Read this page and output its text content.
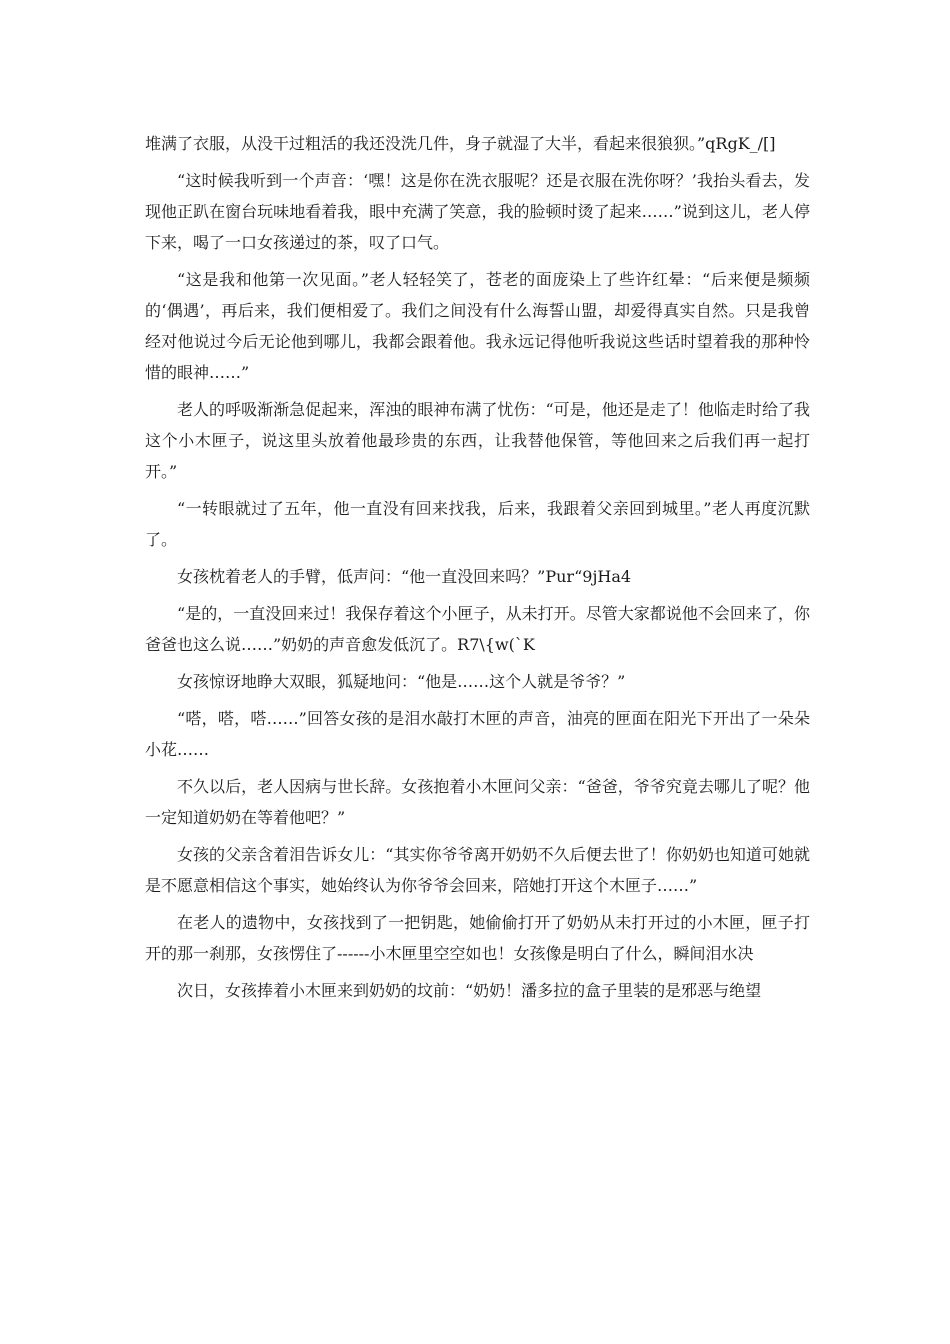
堆满了衣服，从没干过粗活的我还没洗几件，身子就湿了大半，看起来很狼狈。”qRgK_/[]

“这时候我听到一个声音：‘嘿！这是你在洗衣服呢？还是衣服在洗你呀？’我抬头看去，发现他正趴在窗台玩味地看着我，眼中充满了笑意，我的脸顿时烫了起来……”说到这儿，老人停下来，喝了一口女孩递过的茶，叹了口气。

“这是我和他第一次见面。”老人轻轻笑了，苍老的面庞染上了些许红晕：“后来便是频频的‘偶遇’，再后来，我们便相爱了。我们之间没有什么海誓山盟，却爱得真实自然。只是我曾经对他说过今后无论他到哪儿，我都会跟着他。我永远记得他听我说这些话时望着我的那种怜惜的眼神……”

老人的呼吸渐渐急促起来，浑浊的眼神布满了忧伤：“可是，他还是走了！他临走时给了我这个小木匣子，说这里头放着他最珍贵的东西，让我替他保管，等他回来之后我们再一起打开。”

“一转眼就过了五年，他一直没有回来找我，后来，我跟着父亲回到城里。”老人再度沉默了。

女孩枕着老人的手臂，低声问：“他一直没回来吗？”Pur“9jHa4

“是的，一直没回来过！我保存着这个小匣子，从未打开。尽管大家都说他不会回来了，你爸爸也这么说……”奶奶的声音愈发低沉了。R7\{w(`K

女孩惊讶地睁大双眼，狐疑地问：“他是……这个人就是爷爷？”

“嗒，嗒，嗒……”回答女孩的是泪水敲打木匣的声音，油亮的匣面在阳光下开出了一朵朵小花……

不久以后，老人因病与世长辞。女孩抱着小木匣问父亲：“爸爸，爷爷究竟去哪儿了呢？他一定知道奶奶在等着他吧？”

女孩的父亲含着泪告诉女儿：“其实你爷爷离开奶奶不久后便去世了！你奶奶也知道可她就是不愿意相信这个事实，她始终认为你爷爷会回来，陪她打开这个木匣子……”

在老人的遗物中，女孩找到了一把钥匙，她偷偷打开了奶奶从未打开过的小木匣，匣子打开的那一刹那，女孩愣住了------小木匣里空空如也！女孩像是明白了什么，瞬间泪水决

次日，女孩捧着小木匣来到奶奶的坟前：“奶奶！潘多拉的盒子里装的是邪恶与绝望
